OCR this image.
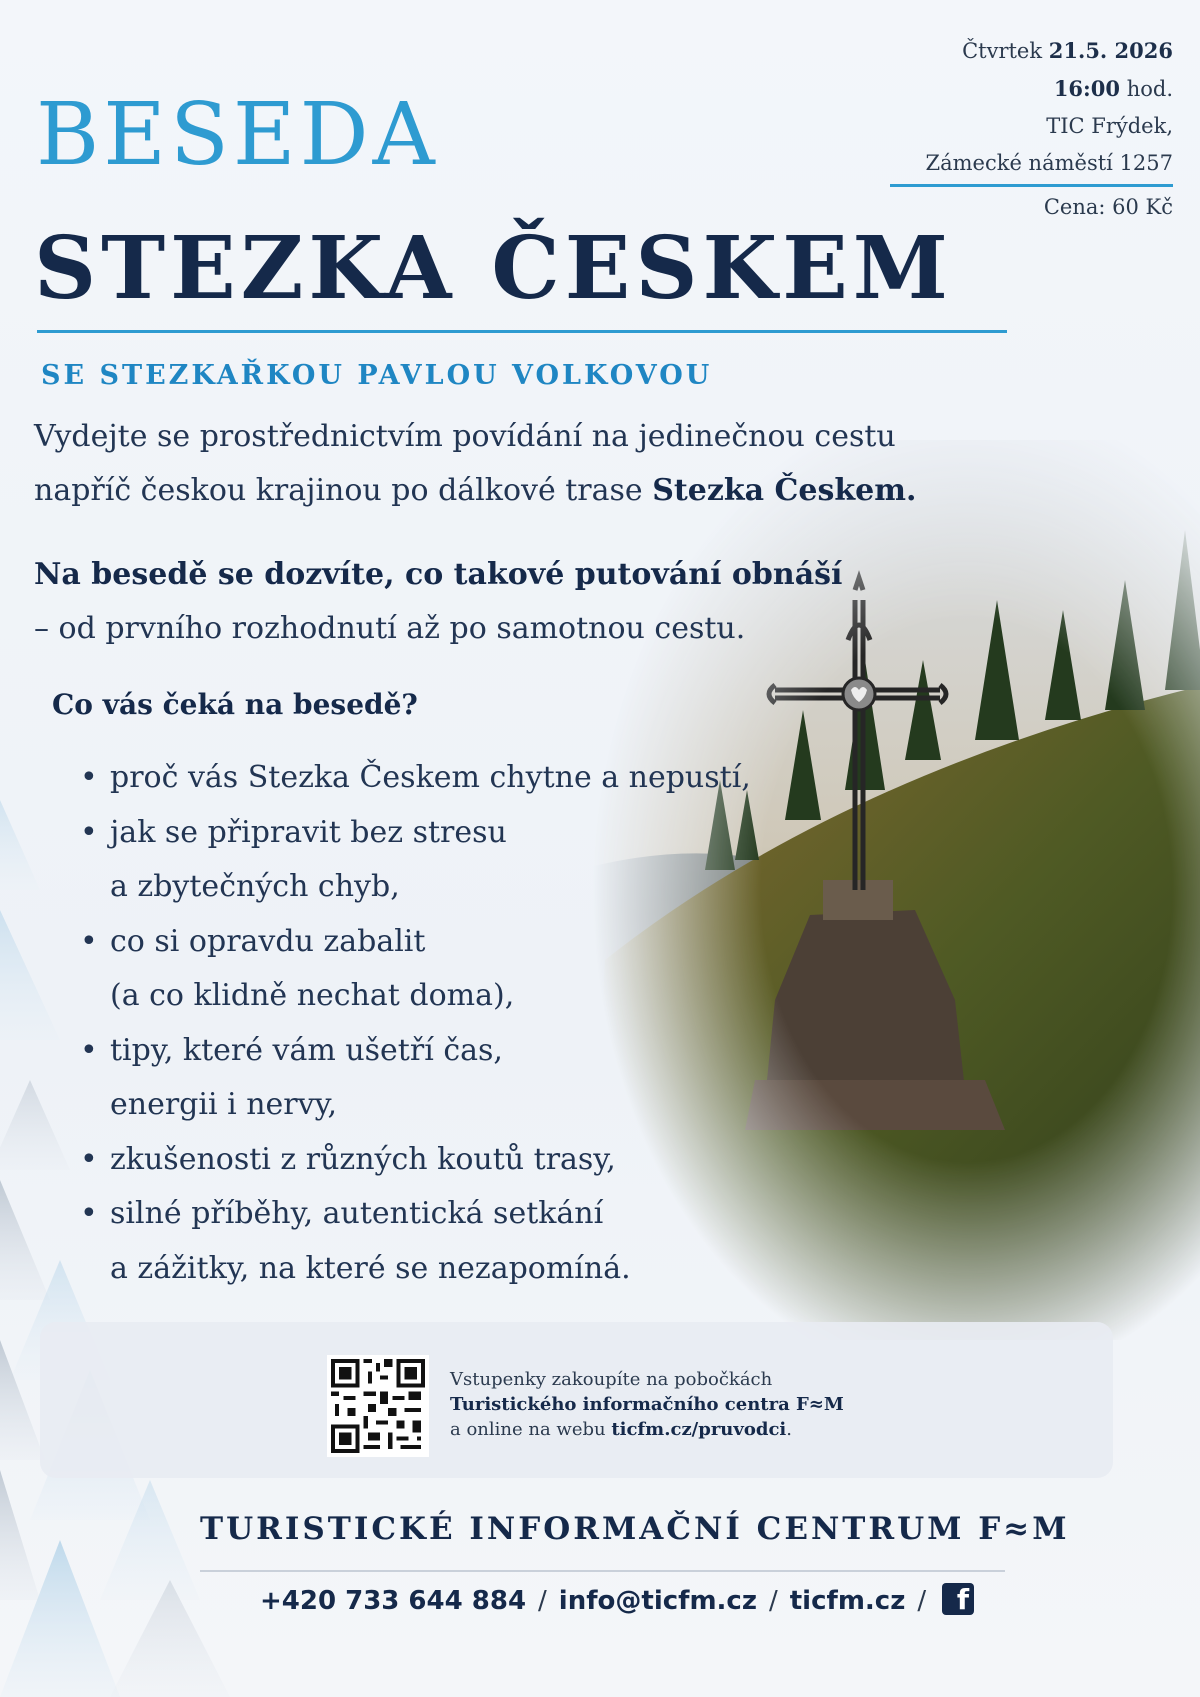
Čtvrtek 21.5. 2026
16:00 hod.
TIC Frýdek,
Zámecké náměstí 1257
Cena: 60 Kč
BESEDA
STEZKA ČESKEM
SE STEZKAŘKOU PAVLOU VOLKOVOU
Vydejte se prostřednictvím povídání na jedinečnou cestu
napříč českou krajinou po dálkové trase Stezka Českem.
Na besedě se dozvíte, co takové putování obnáší
– od prvního rozhodnutí až po samotnou cestu.
Co vás čeká na besedě?
• proč vás Stezka Českem chytne a nepustí,
• jak se připravit bez stresu
a zbytečných chyb,
• co si opravdu zabalit
(a co klidně nechat doma),
• tipy, které vám ušetří čas,
energii i nervy,
• zkušenosti z různých koutů trasy,
• silné příběhy, autentická setkání
a zážitky, na které se nezapomíná.
Vstupenky zakoupíte na pobočkách
Turistického informačního centra F≈M
a online na webu ticfm.cz/pruvodci.
TURISTICKÉ INFORMAČNÍ CENTRUM F≈M
+420 733 644 884 / info@ticfm.cz / ticfm.cz / f
